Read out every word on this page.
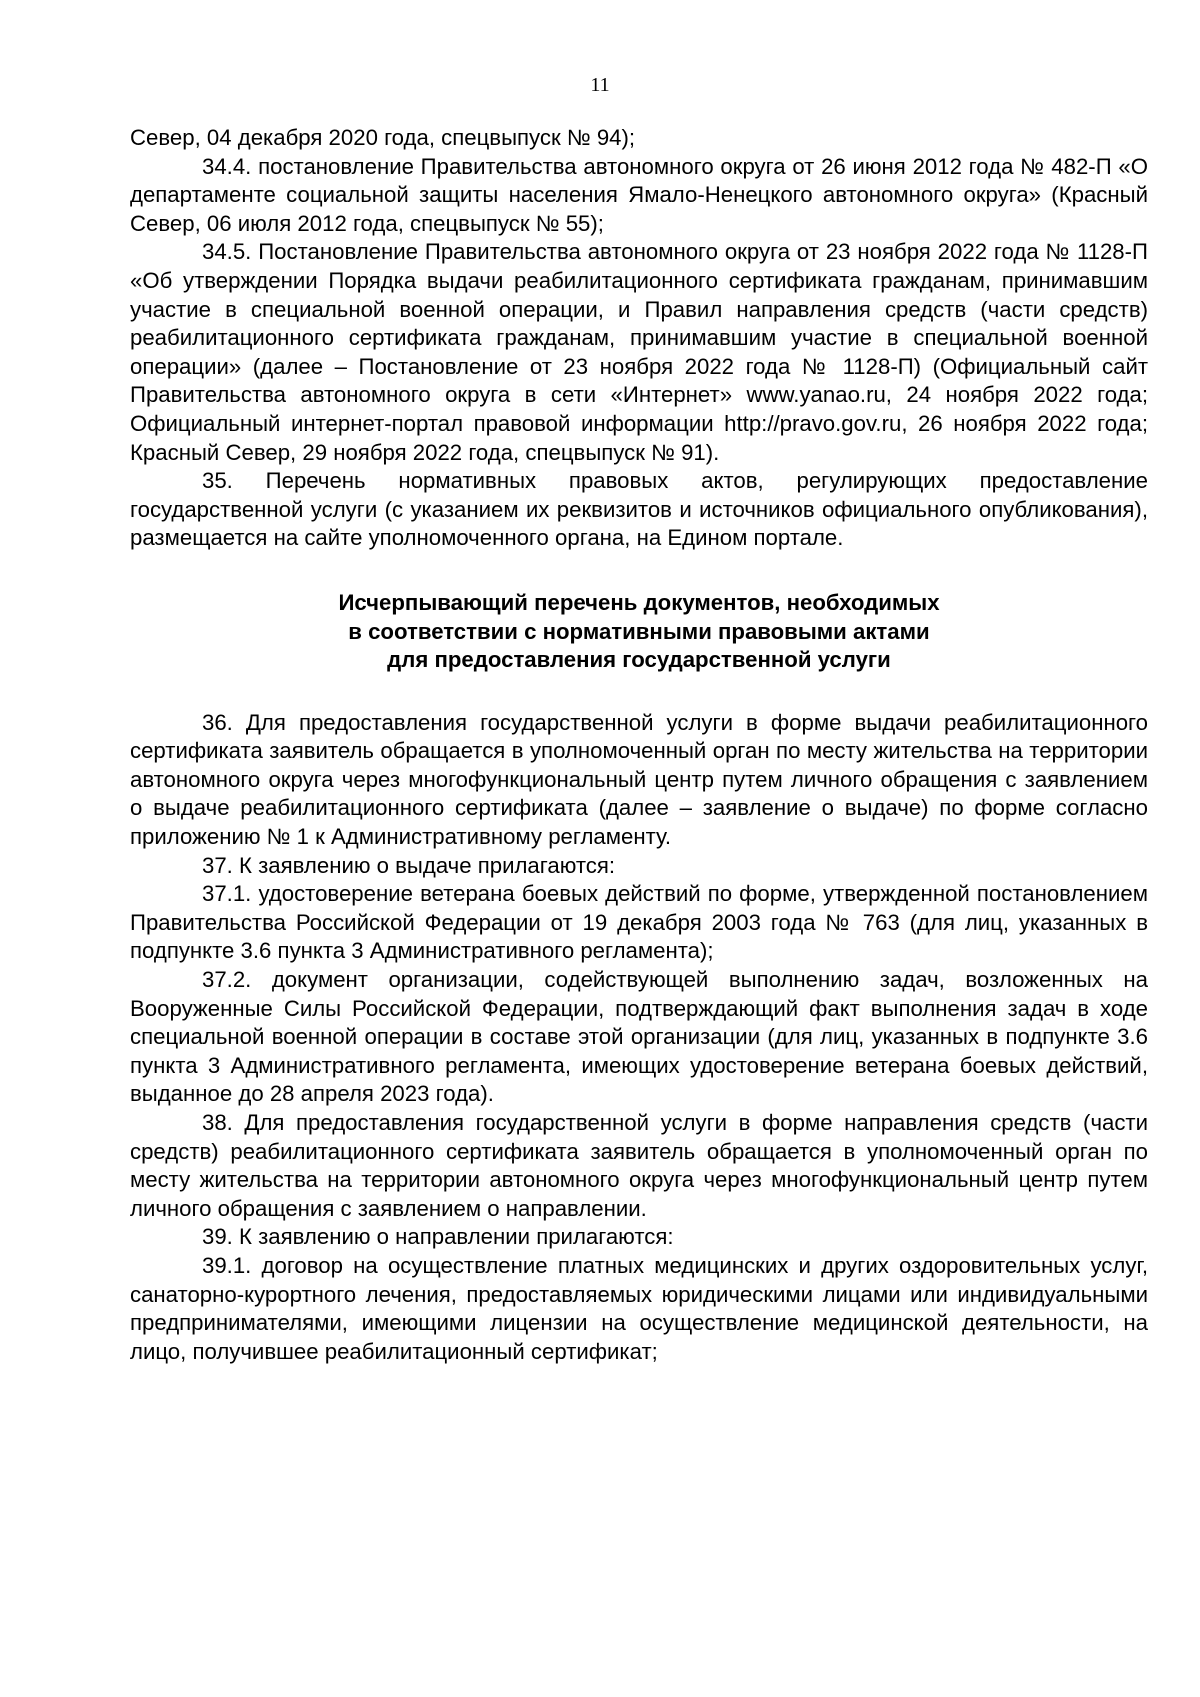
11

Север, 04 декабря 2020 года, спецвыпуск № 94);

34.4. постановление Правительства автономного округа от 26 июня 2012 года № 482-П «О департаменте социальной защиты населения Ямало-Ненецкого автономного округа» (Красный Север, 06 июля 2012 года, спецвыпуск № 55);

34.5. Постановление Правительства автономного округа от 23 ноября 2022 года № 1128-П «Об утверждении Порядка выдачи реабилитационного сертификата гражданам, принимавшим участие в специальной военной операции, и Правил направления средств (части средств) реабилитационного сертификата гражданам, принимавшим участие в специальной военной операции» (далее – Постановление от 23 ноября 2022 года № 1128-П) (Официальный сайт Правительства автономного округа в сети «Интернет» www.yanao.ru, 24 ноября 2022 года; Официальный интернет-портал правовой информации http://pravo.gov.ru, 26 ноября 2022 года; Красный Север, 29 ноября 2022 года, спецвыпуск № 91).

35. Перечень нормативных правовых актов, регулирующих предоставление государственной услуги (с указанием их реквизитов и источников официального опубликования), размещается на сайте уполномоченного органа, на Едином портале.

Исчерпывающий перечень документов, необходимых
в соответствии с нормативными правовыми актами
для предоставления государственной услуги

36. Для предоставления государственной услуги в форме выдачи реабилитационного сертификата заявитель обращается в уполномоченный орган по месту жительства на территории автономного округа через многофункциональный центр путем личного обращения с заявлением о выдаче реабилитационного сертификата (далее – заявление о выдаче) по форме согласно приложению № 1 к Административному регламенту.

37. К заявлению о выдаче прилагаются:

37.1. удостоверение ветерана боевых действий по форме, утвержденной постановлением Правительства Российской Федерации от 19 декабря 2003 года № 763 (для лиц, указанных в подпункте 3.6 пункта 3 Административного регламента);

37.2. документ организации, содействующей выполнению задач, возложенных на Вооруженные Силы Российской Федерации, подтверждающий факт выполнения задач в ходе специальной военной операции в составе этой организации (для лиц, указанных в подпункте 3.6 пункта 3 Административного регламента, имеющих удостоверение ветерана боевых действий, выданное до 28 апреля 2023 года).

38. Для предоставления государственной услуги в форме направления средств (части средств) реабилитационного сертификата заявитель обращается в уполномоченный орган по месту жительства на территории автономного округа через многофункциональный центр путем личного обращения с заявлением о направлении.

39. К заявлению о направлении прилагаются:

39.1. договор на осуществление платных медицинских и других оздоровительных услуг, санаторно-курортного лечения, предоставляемых юридическими лицами или индивидуальными предпринимателями, имеющими лицензии на осуществление медицинской деятельности, на лицо, получившее реабилитационный сертификат;
